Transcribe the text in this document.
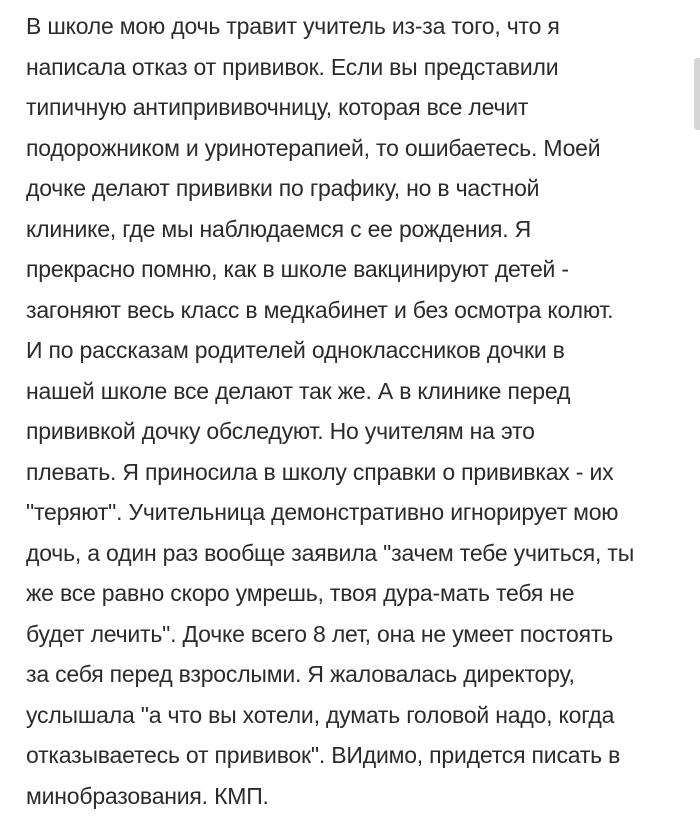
В школе мою дочь травит учитель из-за того, что я
написала отказ от прививок. Если вы представили
типичную антипрививочницу, которая все лечит
подорожником и уринотерапией, то ошибаетесь. Моей
дочке делают прививки по графику, но в частной
клинике, где мы наблюдаемся с ее рождения. Я
прекрасно помню, как в школе вакцинируют детей -
загоняют весь класс в медкабинет и без осмотра колют.
И по рассказам родителей одноклассников дочки в
нашей школе все делают так же. А в клинике перед
прививкой дочку обследуют. Но учителям на это
плевать. Я приносила в школу справки о прививках - их
"теряют". Учительница демонстративно игнорирует мою
дочь, а один раз вообще заявила "зачем тебе учиться, ты
же все равно скоро умрешь, твоя дура-мать тебя не
будет лечить". Дочке всего 8 лет, она не умеет постоять
за себя перед взрослыми. Я жаловалась директору,
услышала "а что вы хотели, думать головой надо, когда
отказываетесь от прививок". ВИдимо, придется писать в
минобразования. КМП.
